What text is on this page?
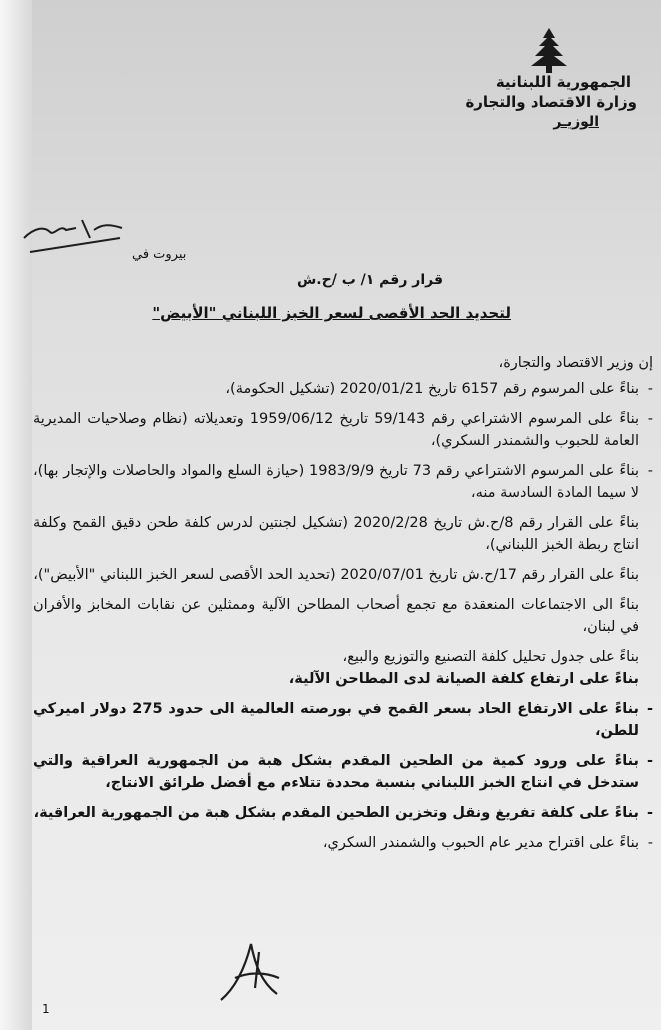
الجمهورية اللبنانية
وزارة الاقتصاد والتجارة
الوزيـر
بيروت في
قرار رقم ١/ ب /ح.ش
لتحديد الحد الأقصى لسعر الخبز اللبناني "الأبيض"
إن وزير الاقتصاد والتجارة،
-
بناءً على المرسوم رقم 6157 تاريخ 2020/01/21 (تشكيل الحكومة)،
-
بناءً على المرسوم الاشتراعي رقم 59/143 تاريخ 1959/06/12 وتعديلاته (نظام وصلاحيات المديرية العامة للحبوب والشمندر السكري)،
-
بناءً على المرسوم الاشتراعي رقم 73 تاريخ 1983/9/9 (حيازة السلع والمواد والحاصلات والإتجار بها)، لا سيما المادة السادسة منه،
بناءً على القرار رقم 8/ح.ش تاريخ 2020/2/28 (تشكيل لجنتين لدرس كلفة طحن دقيق القمح وكلفة انتاج ربطة الخبز اللبناني)،
بناءً على القرار رقم 17/ح.ش تاريخ 2020/07/01 (تحديد الحد الأقصى لسعر الخبز اللبناني "الأبيض")،
بناءً الى الاجتماعات المنعقدة مع تجمع أصحاب المطاحن الآلية وممثلين عن نقابات المخابز والأفران في لبنان،
بناءً على جدول تحليل كلفة التصنيع والتوزيع والبيع،
بناءً على ارتفاع كلفة الصيانة لدى المطاحن الآلية،
-
بناءً على الارتفاع الحاد بسعر القمح في بورصته العالمية الى حدود 275 دولار اميركي للطن،
-
بناءً على ورود كمية من الطحين المقدم بشكل هبة من الجمهورية العراقية والتي ستدخل في انتاج الخبز اللبناني بنسبة محددة تتلاءم مع أفضل طرائق الانتاج،
-
بناءً على كلفة تفريغ ونقل وتخزين الطحين المقدم بشكل هبة من الجمهورية العراقية،
-
بناءً على اقتراح مدير عام الحبوب والشمندر السكري،
1
